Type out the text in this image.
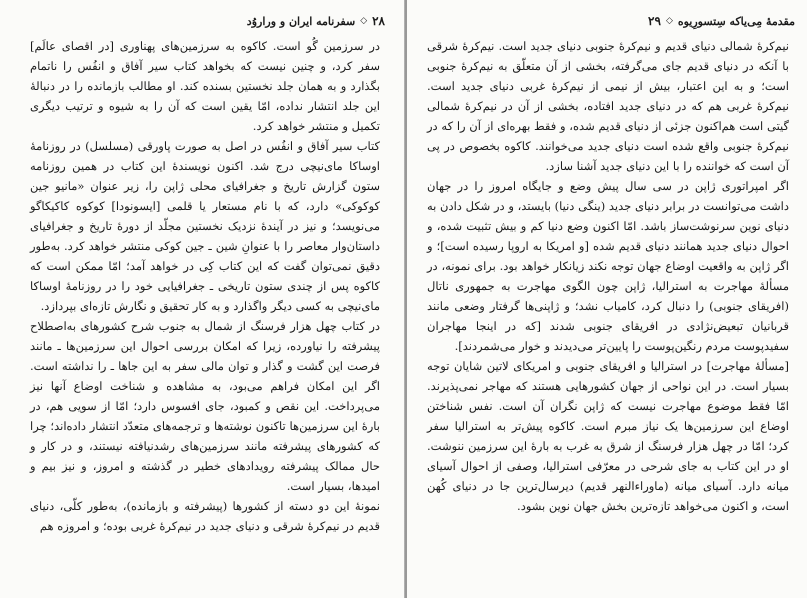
۲۸
◇
سفرنامه ایران و وراروُد

در سرزمین گُو است. کاکوه به سرزمین‌های پهناوری [در اقصای عالَم] سفر کرد، و چنین نیست که بخواهد کتاب سیر آفاق و انفُس را ناتمام بگذارد و به همان جلد نخستین بسنده کند. او مطالب بازمانده را در دنبالهٔ این جلد انتشار نداده، امّا یقین است که آن را به شیوه و ترتیب دیگری تکمیل و منتشر خواهد کرد.

کتاب سیر آفاق و انفُس در اصل به صورت پاورقی (مسلسل) در روزنامهٔ اوساکا مای‌نیچی درج شد. اکنون نویسندهٔ این کتاب در همین روزنامه ستون گزارش تاریخ و جغرافیای محلی ژاپن را، زیر عنوان «مانیو جین کوکوکی» دارد، که با نام مستعار یا قلمی [ایسونودا] کوکوه کاکیکاگو می‌نویسد؛ و نیز در آیندهٔ نزدیک نخستین مجلّد از دورهٔ تاریخ و جغرافیای داستان‌وار معاصر را با عنوانِ شین ـ جین کوکی منتشر خواهد کرد. به‌طور دقیق نمی‌توان گفت که این کتاب کِی در خواهد آمد؛ امّا ممکن است که کاکوه پس از چندی ستون تاریخی ـ جغرافیایی خود را در روزنامهٔ اوساکا مای‌نیچی به کسی دیگر واگذارد و به کار تحقیق و نگارش تازه‌ای بپردازد.

در کتاب چهل هزار فرسنگ از شمال به جنوب شرح کشورهای به‌اصطلاح پیشرفته را نیاورده، زیرا که امکان بررسی احوال این سرزمین‌ها ـ مانند فرصت این گشت و گذار و توان مالی سفر به این جاها ـ را نداشته است. اگر این امکان فراهم می‌بود، به مشاهده و شناخت اوضاع آنها نیز می‌پرداخت. این نقص و کمبود، جای افسوس دارد؛ امّا از سویی هم، در بارهٔ این سرزمین‌ها تاکنون نوشته‌ها و ترجمه‌های متعدّد انتشار داده‌اند؛ چرا که کشورهای پیشرفته مانند سرزمین‌های رشدنیافته نیستند، و در کار و حال ممالک پیشرفته رویدادهای خطیر در گذشته و امروز، و نیز بیم و امیدها، بسیار است.

نمونهٔ این دو دسته از کشورها (پیشرفته و بازمانده)، به‌طور کلّی، دنیای قدیم در نیم‌کرهٔ شرقی و دنیای جدید در نیم‌کرهٔ غربی بوده؛ و امروزه هم

مقدمهٔ مِی‌یاکه سِتسورِیوه
◇
۲۹

نیم‌کرهٔ شمالی دنیای قدیم و نیم‌کرهٔ جنوبی دنیای جدید است. نیم‌کرهٔ شرقی با آنکه در دنیای قدیم جای می‌گرفته، بخشی از آن متعلّق به نیم‌کرهٔ جنوبی است؛ و به این اعتبار، بیش از نیمی از نیم‌کرهٔ غربی دنیای جدید است. نیم‌کرهٔ غربی هم که در دنیای جدید افتاده، بخشی از آن در نیم‌کرهٔ شمالی گیتی است هم‌اکنون جزئی از دنیای قدیم شده، و فقط بهره‌ای از آن را که در نیم‌کرهٔ جنوبی واقع شده است دنیای جدید می‌خوانند. کاکوه بخصوص در پی آن است که خواننده را با این دنیای جدید آشنا سازد.

اگر امپراتوری ژاپن در سی سال پیش وضع و جایگاه امروز را در جهان داشت می‌توانست در برابر دنیای جدید (ینگی دنیا) بایستد، و در شکل دادن به دنیای نوین سرنوشت‌ساز باشد. امّا اکنون وضع دنیا کم و بیش تثبیت شده، و احوال دنیای جدید همانند دنیای قدیم شده [و امریکا به اروپا رسیده است]؛ و اگر ژاپن به واقعیت اوضاع جهان توجه نکند زیانکار خواهد بود. برای نمونه، در مسألهٔ مهاجرت به استرالیا، ژاپن چون الگوی مهاجرت به جمهوری ناتال (افریقای جنوبی) را دنبال کرد، کامیاب نشد؛ و ژاپنی‌ها گرفتار وضعی مانند قربانیان تبعیض‌نژادی در افریقای جنوبی شدند [که در اینجا مهاجران سفیدپوست مردم رنگین‌پوست را پایین‌تر می‌دیدند و خوار می‌شمردند].

[مسألهٔ مهاجرت] در استرالیا و افریقای جنوبی و امریکای لاتین شایان توجه بسیار است. در این نواحی از جهان کشورهایی هستند که مهاجر نمی‌پذیرند. امّا فقط موضوع مهاجرت نیست که ژاپن نگران آن است. نفس شناختن اوضاع این سرزمین‌ها یک نیاز مبرم است. کاکوه پیش‌تر به استرالیا سفر کرد؛ امّا در چهل هزار فرسنگ از شرق به غرب به بارهٔ این سرزمین ننوشت. او در این کتاب به جای شرحی در معرّفی استرالیا، وصفی از احوال آسیای میانه دارد. آسیای میانه (ماوراءالنهر قدیم) دیرسال‌ترین جا در دنیای کُهن است، و اکنون می‌خواهد تازه‌ترین بخش جهان نوین بشود.
